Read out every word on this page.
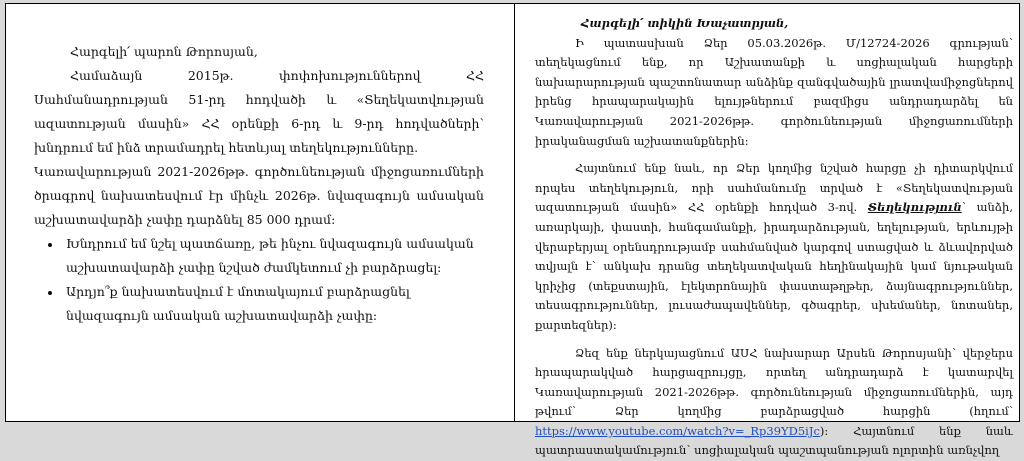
Հարգելի՛ պարոն Թորոսյան,

Համաձայն 2015թ. փոփոխություններով ՀՀ Սահմանադրության 51-րդ հոդվածի և «Տեղեկատվության ազատության մասին» ՀՀ օրենքի 6-րդ և 9-րդ հոդվածների՝ խնդրում եմ ինձ տրամադրել հետևյալ տեղեկությունները.

Կառավարության 2021-2026թթ. գործունեության միջոցառումների ծրագրով նախատեսվում էր մինչև 2026թ. նվազագույն ամսական աշխատավարձի չափը դարձնել 85 000 դրամ:

• Խնդրում եմ նշել պատճառը, թե ինչու նվազագույն ամսական աշխատավարձի չափը նշված ժամկետում չի բարձրացել:
• Արդյո՞ք նախատեսվում է մոտակայում բարձրացնել նվազագույն ամսական աշխատավարձի չափը:

Հարգելի՛ տիկին Խաչատրյան,

Ի պատասխան Ձեր 05.03.2026թ. Մ/12724-2026 գրության՝ տեղեկացնում ենք, որ Աշխատանքի և սոցիալական հարցերի նախարարության պաշտոնատար անձինք զանգվածային լրատվամիջոցներով իրենց հրապարակային ելույթներում բազմիցս անդրադարձել են Կառավարության 2021-2026թթ. գործունեության միջոցառումների իրականացման աշխատանքներին:

Հայտնում ենք նաև, որ Ձեր կողմից նշված հարցը չի դիտարկվում որպես տեղեկություն, որի սահմանումը տրված է «Տեղեկատվության ազատության մասին» ՀՀ օրենքի հոդված 3-ով. Տեղեկություն՝ անձի, առարկայի, փաստի, հանգամանքի, իրադարձության, եղելության, երևույթի վերաբերյալ օրենսդրությամբ սահմանված կարգով ստացված և ձևավորված տվյալն է՝ անկախ դրանց տեղեկատվական հեղինակային կամ նյութական կրիչից (տեքստային, էլեկտրոնային փաստաթղթեր, ձայնագրություններ, տեսագրություններ, լուսաժապավեններ, գծագրեր, սխեմաներ, նոտաներ, քարտեզներ):

Ձեզ ենք ներկայացնում ԱՍՀ նախարար Արսեն Թորոսյանի՝ վերջերս հրապարակված հարցազրույցը, որտեղ անդրադարձ է կատարվել Կառավարության 2021-2026թթ. գործունեության միջոցառումներին, այդ թվում՝ Ձեր կողմից բարձրացված հարցին (հղում՝ https://www.youtube.com/watch?v=_Rp39YD5iJc): Հայտնում ենք նաև պատրաստակամություն՝ սոցիալական պաշտպանության ոլորտին առնչվող
